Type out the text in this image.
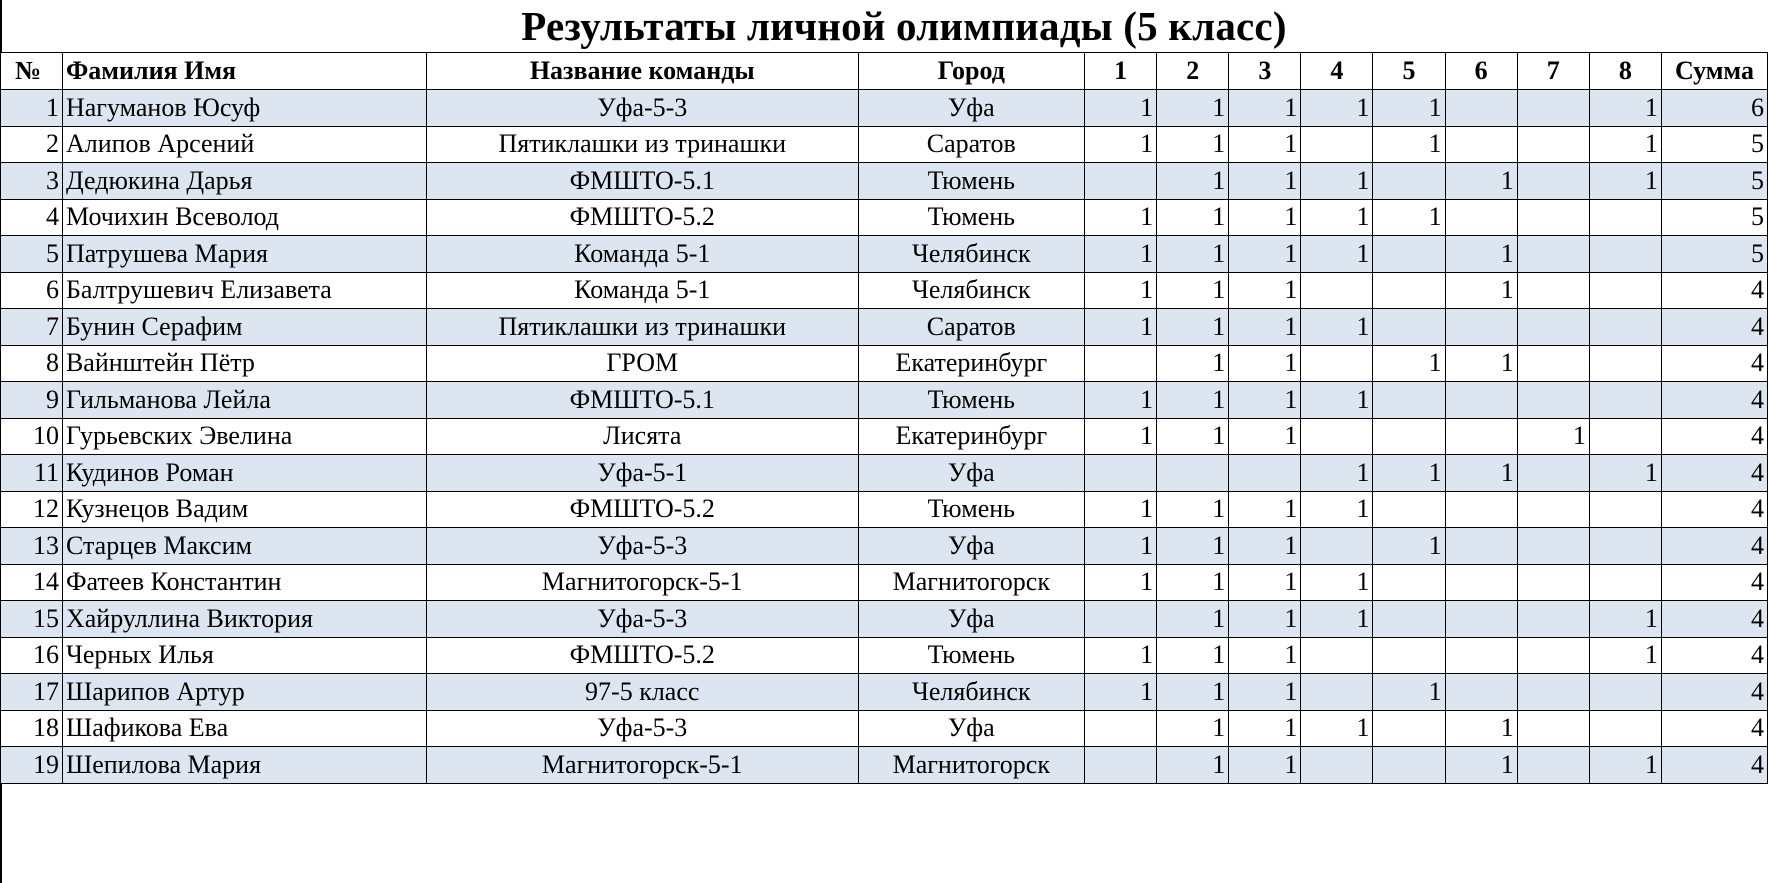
Результаты личной олимпиады (5 класс)
№	Фамилия Имя	Название команды	Город	1	2	3	4	5	6	7	8	Сумма
1	Нагуманов Юсуф	Уфа-5-3	Уфа	1	1	1	1	1			1	6
2	Алипов Арсений	Пятиклашки из тринашки	Саратов	1	1	1		1			1	5
3	Дедюкина Дарья	ФМШТО-5.1	Тюмень		1	1	1		1		1	5
4	Мочихин Всеволод	ФМШТО-5.2	Тюмень	1	1	1	1	1				5
5	Патрушева Мария	Команда 5-1	Челябинск	1	1	1	1		1			5
6	Балтрушевич Елизавета	Команда 5-1	Челябинск	1	1	1			1			4
7	Бунин Серафим	Пятиклашки из тринашки	Саратов	1	1	1	1					4
8	Вайнштейн Пётр	ГРОМ	Екатеринбург		1	1		1	1			4
9	Гильманова Лейла	ФМШТО-5.1	Тюмень	1	1	1	1					4
10	Гурьевских Эвелина	Лисята	Екатеринбург	1	1	1				1		4
11	Кудинов Роман	Уфа-5-1	Уфа				1	1	1		1	4
12	Кузнецов Вадим	ФМШТО-5.2	Тюмень	1	1	1	1					4
13	Старцев Максим	Уфа-5-3	Уфа	1	1	1		1				4
14	Фатеев Константин	Магнитогорск-5-1	Магнитогорск	1	1	1	1					4
15	Хайруллина Виктория	Уфа-5-3	Уфа		1	1	1				1	4
16	Черных Илья	ФМШТО-5.2	Тюмень	1	1	1					1	4
17	Шарипов Артур	97-5 класс	Челябинск	1	1	1		1				4
18	Шафикова Ева	Уфа-5-3	Уфа		1	1	1		1			4
19	Шепилова Мария	Магнитогорск-5-1	Магнитогорск		1	1			1		1	4
